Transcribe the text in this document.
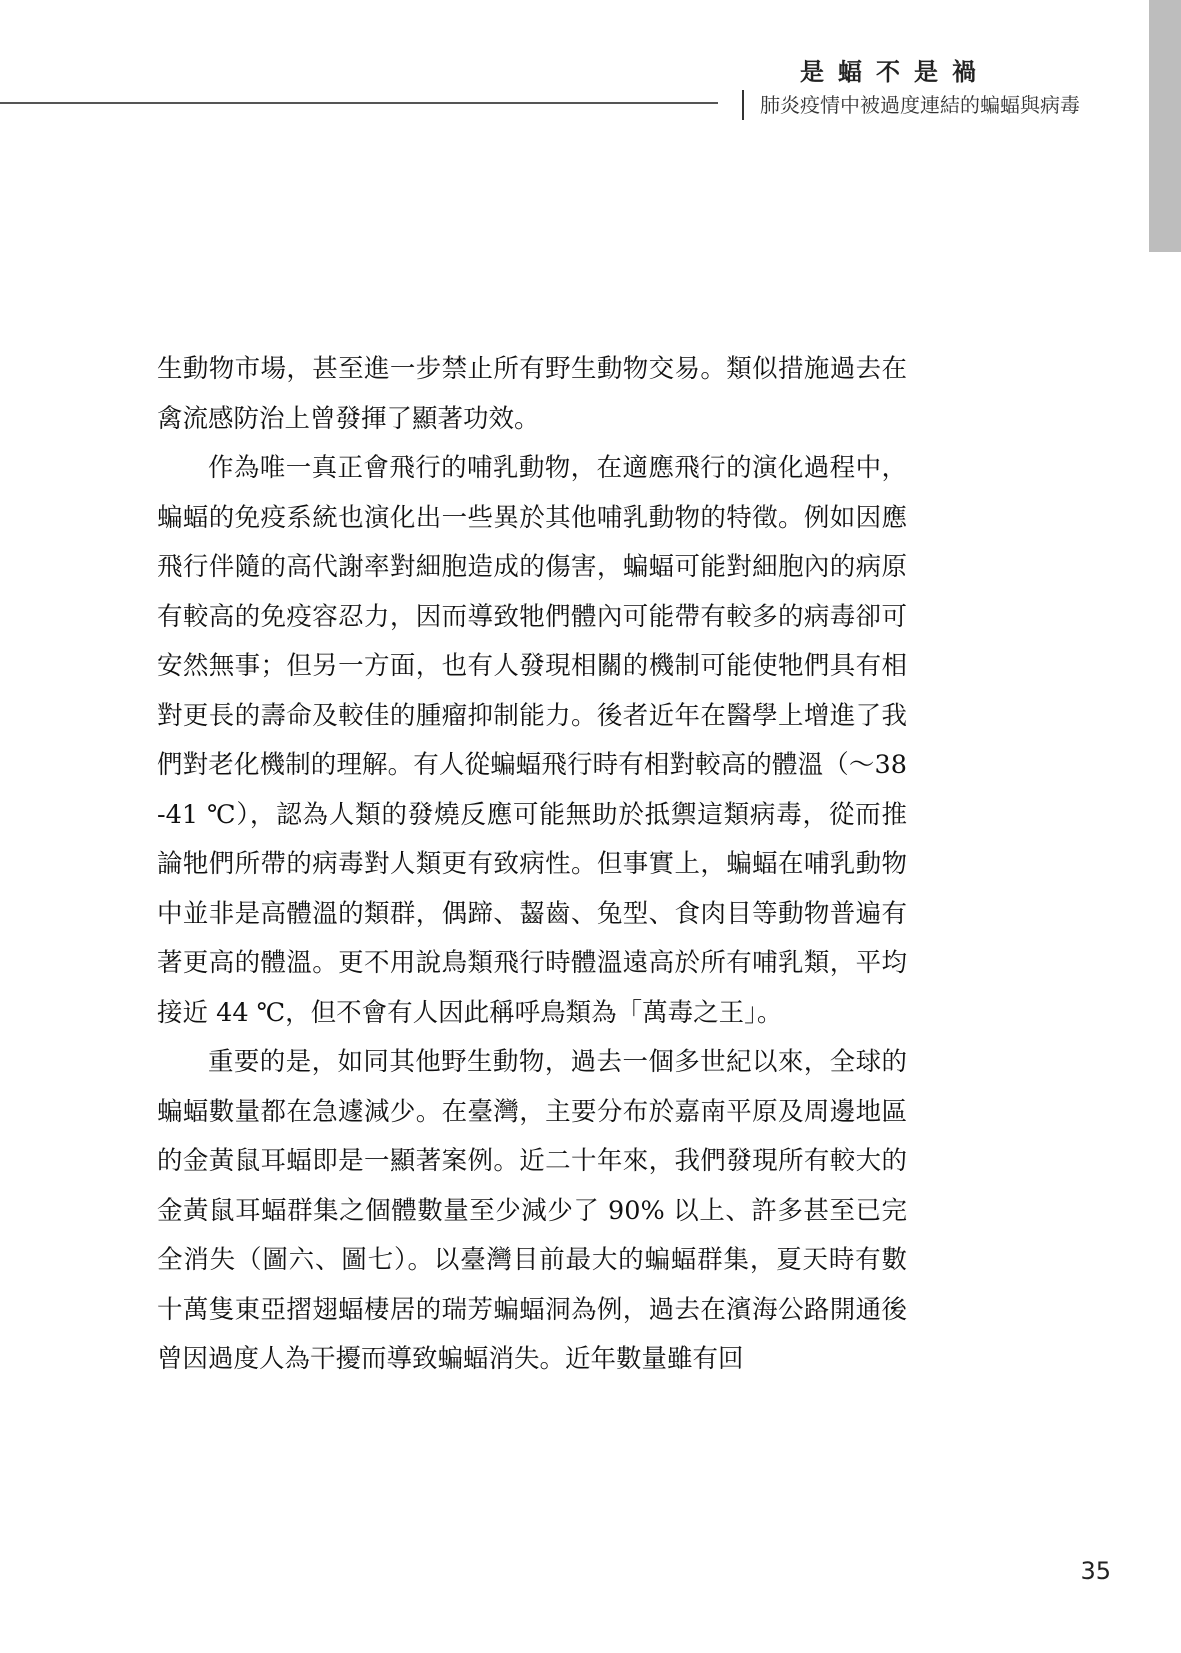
是蝠不是禍
肺炎疫情中被過度連結的蝙蝠與病毒

生動物市場，甚至進一步禁止所有野生動物交易。類似措施過去在禽流感防治上曾發揮了顯著功效。

作為唯一真正會飛行的哺乳動物，在適應飛行的演化過程中，蝙蝠的免疫系統也演化出一些異於其他哺乳動物的特徵。例如因應飛行伴隨的高代謝率對細胞造成的傷害，蝙蝠可能對細胞內的病原有較高的免疫容忍力，因而導致牠們體內可能帶有較多的病毒卻可安然無事；但另一方面，也有人發現相關的機制可能使牠們具有相對更長的壽命及較佳的腫瘤抑制能力。後者近年在醫學上增進了我們對老化機制的理解。有人從蝙蝠飛行時有相對較高的體溫（～38-41 ℃），認為人類的發燒反應可能無助於抵禦這類病毒，從而推論牠們所帶的病毒對人類更有致病性。但事實上，蝙蝠在哺乳動物中並非是高體溫的類群，偶蹄、齧齒、兔型、食肉目等動物普遍有著更高的體溫。更不用說鳥類飛行時體溫遠高於所有哺乳類，平均接近 44 ℃，但不會有人因此稱呼鳥類為「萬毒之王」。

重要的是，如同其他野生動物，過去一個多世紀以來，全球的蝙蝠數量都在急遽減少。在臺灣，主要分布於嘉南平原及周邊地區的金黃鼠耳蝠即是一顯著案例。近二十年來，我們發現所有較大的金黃鼠耳蝠群集之個體數量至少減少了 90% 以上、許多甚至已完全消失（圖六、圖七）。以臺灣目前最大的蝙蝠群集，夏天時有數十萬隻東亞摺翅蝠棲居的瑞芳蝙蝠洞為例，過去在濱海公路開通後曾因過度人為干擾而導致蝙蝠消失。近年數量雖有回

35
